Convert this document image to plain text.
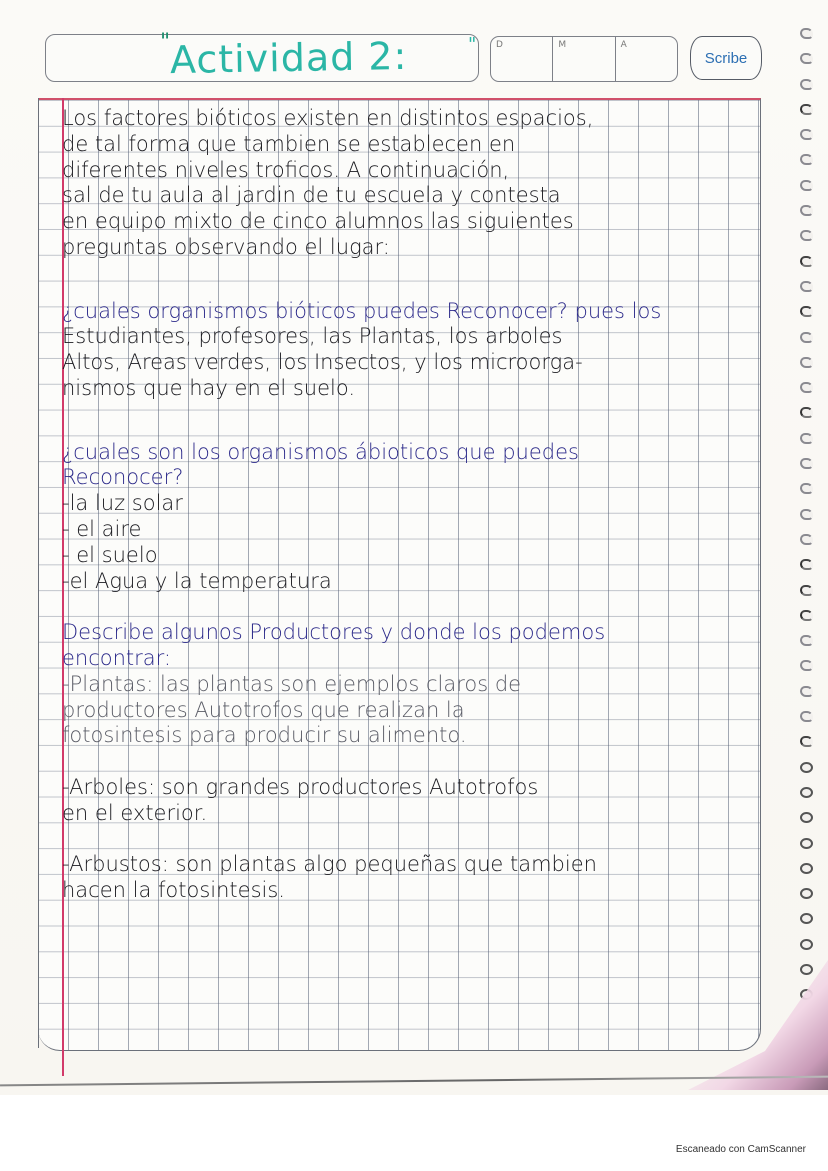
" Actividad 2:	"	D	M	A
Scribe

Los factores bióticos existen en distintos espacios,

de tal forma que tambien se establecen en

diferentes niveles troficos. A continuación,

sal de tu aula al jardin de tu escuela y contesta

en equipo mixto de cinco alumnos las siguientes

preguntas observando el lugar:

¿cuales organismos bióticos puedes Reconocer? pues los

Estudiantes, profesores, las Plantas, los arboles

Altos, Areas verdes, los Insectos, y los microorga-

nismos que hay en el suelo.

¿cuales son los organismos ábioticos que puedes

Reconocer?

-la luz solar

- el aire

- el suelo

-el Agua y la temperatura

Describe algunos Productores y donde los podemos

encontrar:

-Plantas: las plantas son ejemplos claros de

productores Autotrofos que realizan la

fotosintesis para producir su alimento.

-Arboles: son grandes productores Autotrofos

en el exterior.

-Arbustos: son plantas algo pequeñas que tambien

hacen la fotosintesis.

Escaneado con CamScanner
